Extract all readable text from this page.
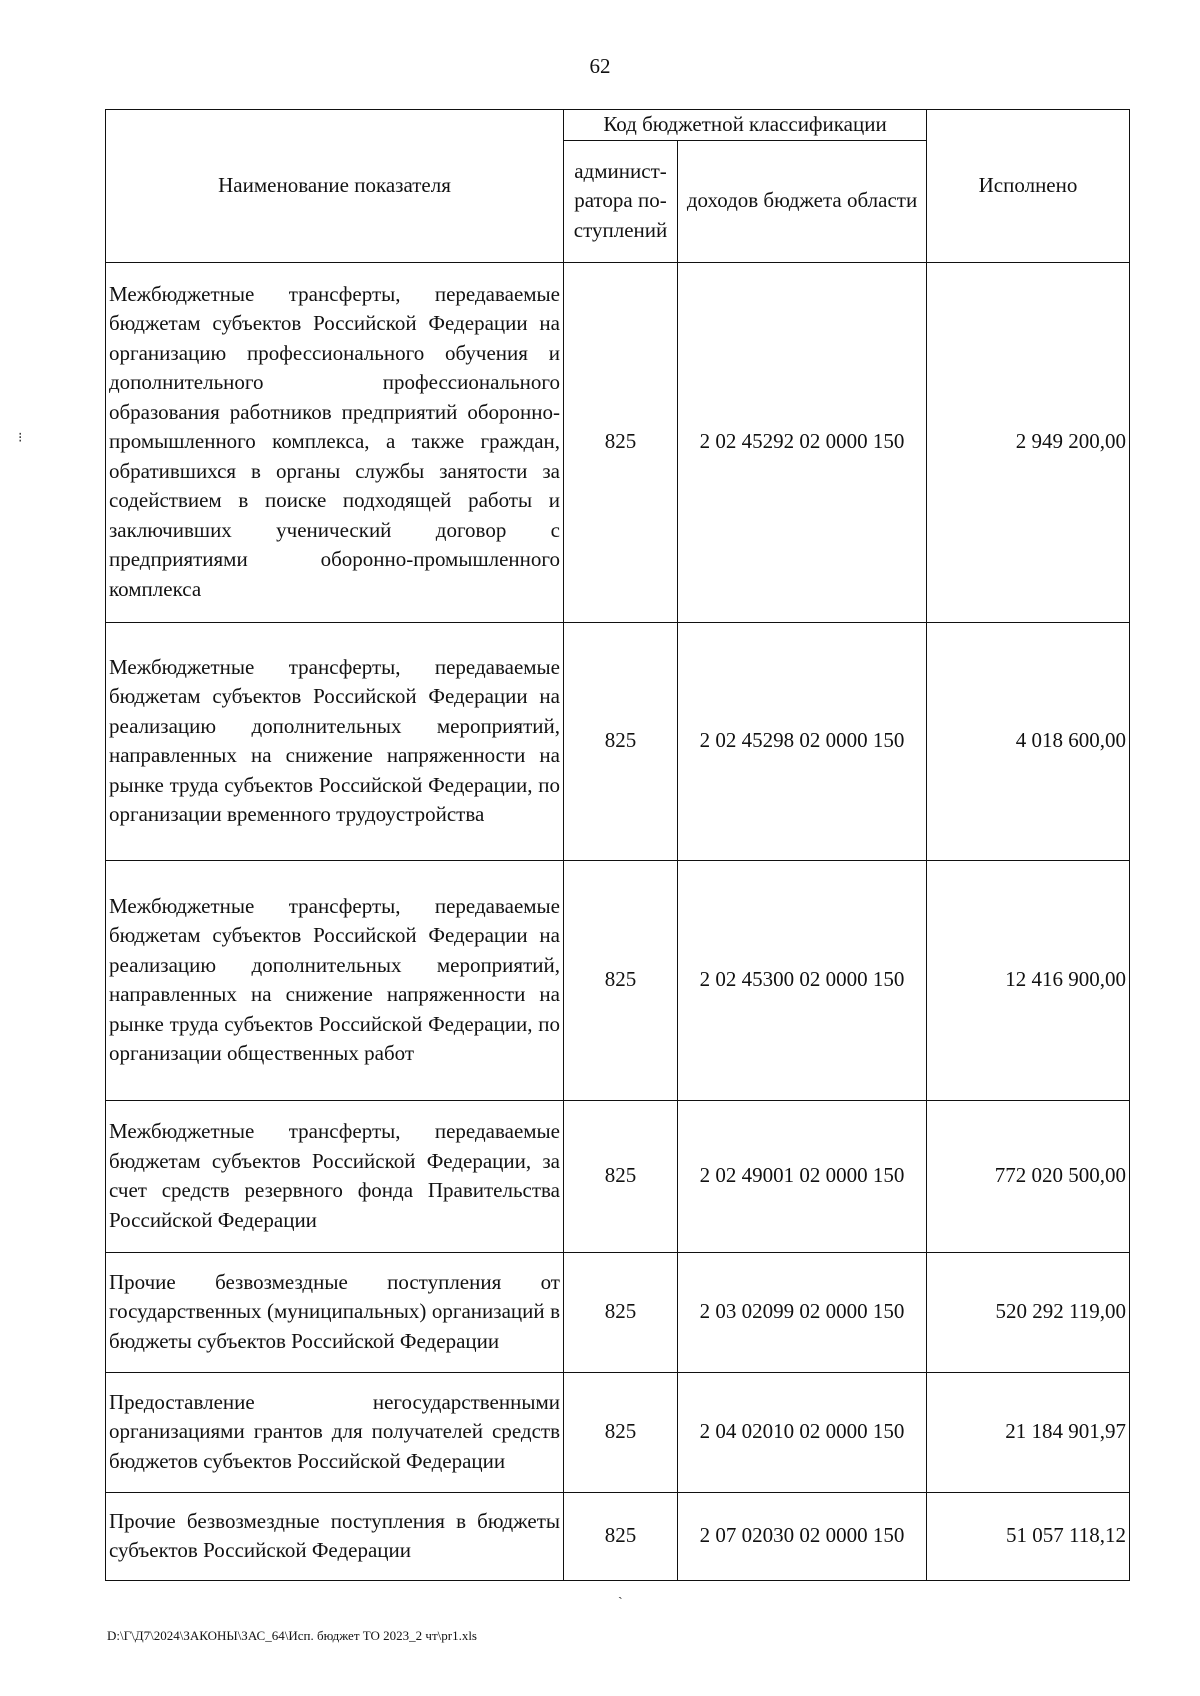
62
Наименование показателя	Код бюджетной классификации		Исполнено
	админист-ратора по-ступлений	доходов бюджета области	
Межбюджетные трансферты, передаваемые бюджетам субъектов Российской Федерации на организацию профессионального обучения и дополнительного профессионального образования работников предприятий оборонно-промышленного комплекса, а также граждан, обратившихся в органы службы занятости за содействием в поиске подходящей работы и заключивших ученический договор с предприятиями оборонно-промышленного комплекса	825	2 02 45292 02 0000 150	2 949 200,00
Межбюджетные трансферты, передаваемые бюджетам субъектов Российской Федерации на реализацию дополнительных мероприятий, направленных на снижение напряженности на рынке труда субъектов Российской Федерации, по организации временного трудоустройства	825	2 02 45298 02 0000 150	4 018 600,00
Межбюджетные трансферты, передаваемые бюджетам субъектов Российской Федерации на реализацию дополнительных мероприятий, направленных на снижение напряженности на рынке труда субъектов Российской Федерации, по организации общественных работ	825	2 02 45300 02 0000 150	12 416 900,00
Межбюджетные трансферты, передаваемые бюджетам субъектов Российской Федерации, за счет средств резервного фонда Правительства Российской Федерации	825	2 02 49001 02 0000 150	772 020 500,00
Прочие безвозмездные поступления от государственных (муниципальных) организаций в бюджеты субъектов Российской Федерации	825	2 03 02099 02 0000 150	520 292 119,00
Предоставление негосударственными организациями грантов для получателей средств бюджетов субъектов Российской Федерации	825	2 04 02010 02 0000 150	21 184 901,97
Прочие безвозмездные поступления в бюджеты субъектов Российской Федерации	825	2 07 02030 02 0000 150	51 057 118,12
D:\Г\Д7\2024\ЗАКОНЫ\ЗАС_64\Исп. бюджет ТО 2023_2 чт\pr1.xls
⁝
ˎ
